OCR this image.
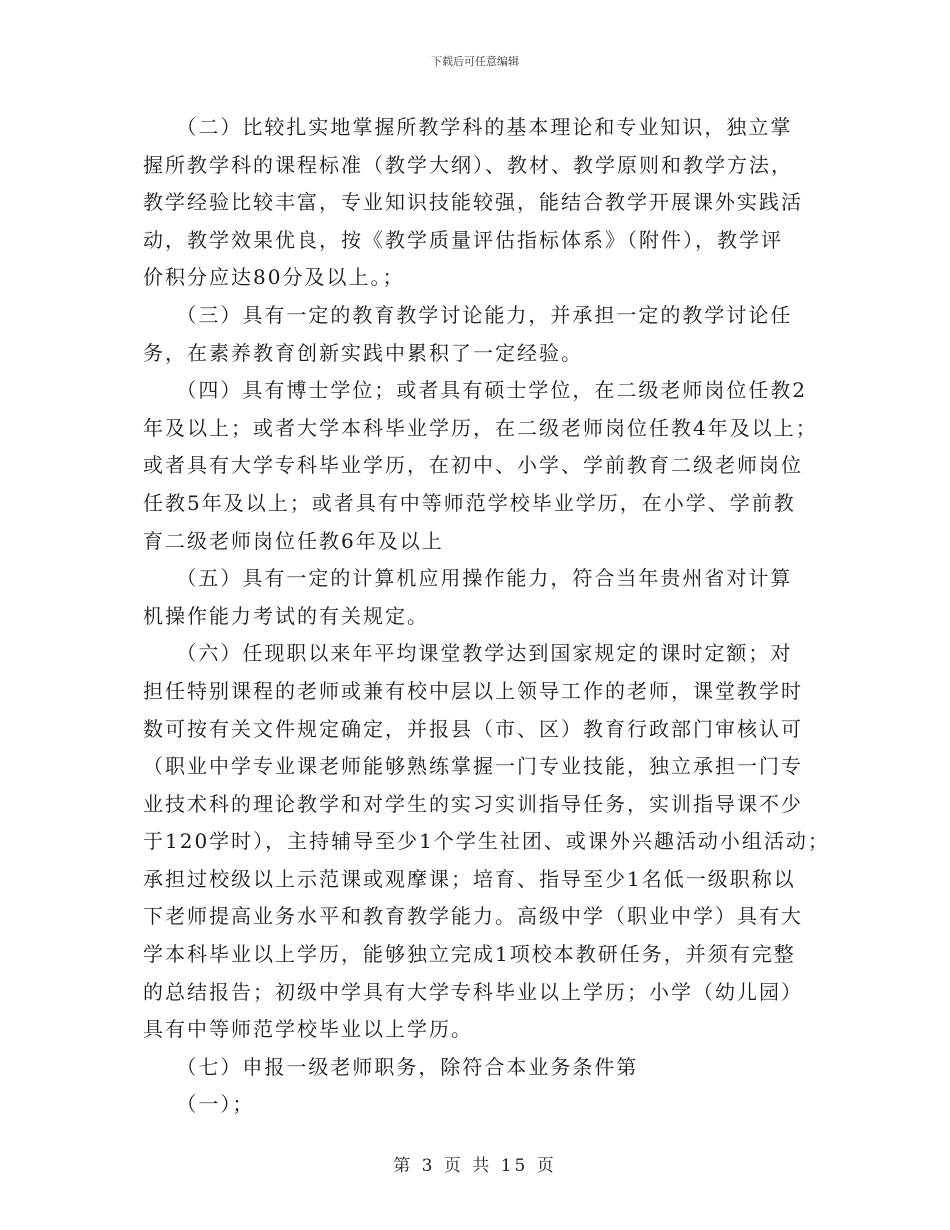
下载后可任意编辑
（二）比较扎实地掌握所教学科的基本理论和专业知识，独立掌
握所教学科的课程标准（教学大纲）、教材、教学原则和教学方法，
教学经验比较丰富，专业知识技能较强，能结合教学开展课外实践活
动，教学效果优良，按《教学质量评估指标体系》（附件），教学评
价积分应达80分及以上。；
（三）具有一定的教育教学讨论能力，并承担一定的教学讨论任
务，在素养教育创新实践中累积了一定经验。
（四）具有博士学位；或者具有硕士学位，在二级老师岗位任教2
年及以上；或者大学本科毕业学历，在二级老师岗位任教4年及以上；
或者具有大学专科毕业学历，在初中、小学、学前教育二级老师岗位
任教5年及以上；或者具有中等师范学校毕业学历，在小学、学前教
育二级老师岗位任教6年及以上
（五）具有一定的计算机应用操作能力，符合当年贵州省对计算
机操作能力考试的有关规定。
（六）任现职以来年平均课堂教学达到国家规定的课时定额；对
担任特别课程的老师或兼有校中层以上领导工作的老师，课堂教学时
数可按有关文件规定确定，并报县（市、区）教育行政部门审核认可
（职业中学专业课老师能够熟练掌握一门专业技能，独立承担一门专
业技术科的理论教学和对学生的实习实训指导任务，实训指导课不少
于120学时），主持辅导至少1个学生社团、或课外兴趣活动小组活动；
承担过校级以上示范课或观摩课；培育、指导至少1名低一级职称以
下老师提高业务水平和教育教学能力。高级中学（职业中学）具有大
学本科毕业以上学历，能够独立完成1项校本教研任务，并须有完整
的总结报告；初级中学具有大学专科毕业以上学历；小学（幼儿园）
具有中等师范学校毕业以上学历。
（七）申报一级老师职务，除符合本业务条件第
（一）；
第 3 页 共 15 页
